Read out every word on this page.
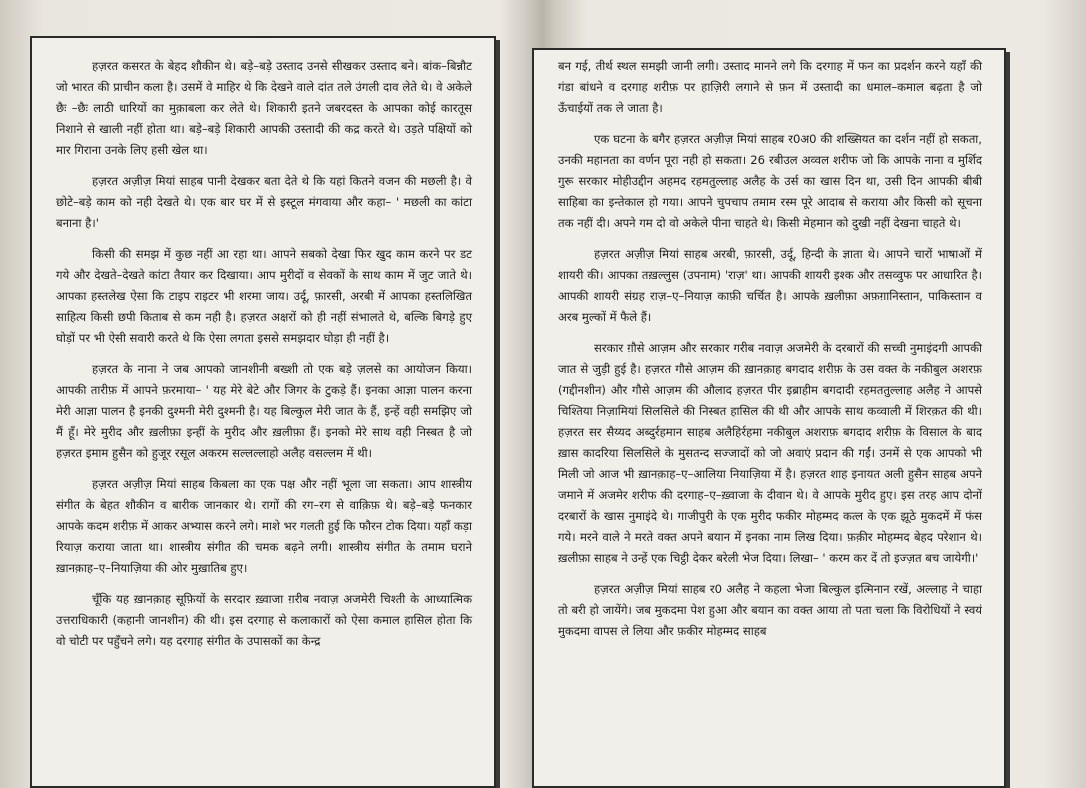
हज़रत कसरत के बेहद शौकीन थे। बड़े–बड़े उस्ताद उनसे सीखकर उस्ताद बने। बांक–बिन्नौट जो भारत की प्राचीन कला है। उसमें वे माहिर थे कि देखने वाले दांत तले उंगली दाव लेते थे। वे अकेले छैः –छैः लाठी धारियों का मुक़ाबला कर लेते थे। शिकारी इतने जबरदस्त के आपका कोई कारतूस निशाने से खाली नहीं होता था। बड़े–बड़े शिकारी आपकी उस्तादी की कद्र करते थे। उड़ते पक्षियों को मार गिराना उनके लिए हसी खेल था।

हज़रत अज़ीज़ मियां साहब पानी देखकर बता देते थे कि यहां कितने वजन की मछली है। वे छोटे–बड़े काम को नही देखते थे। एक बार घर में से इस्टूल मंगवाया और कहा– ' मछली का कांटा बनाना है।'

किसी की समझ में कुछ नहीं आ रहा था। आपने सबको देखा फिर खुद काम करने पर डट गये और देखते–देखते कांटा तैयार कर दिखाया। आप मुरीदों व सेवकों के साथ काम में जुट जाते थे। आपका हस्तलेख ऐसा कि टाइप राइटर भी शरमा जाय। उर्दू, फ़ारसी, अरबी में आपका हस्तलिखित साहित्य किसी छपी किताब से कम नही है। हज़रत अक्षरों को ही नहीं संभालते थे, बल्कि बिगड़े हुए घोड़ों पर भी ऐसी सवारी करते थे कि ऐसा लगता इससे समझदार घोड़ा ही नहीं है।

हज़रत के नाना ने जब आपको जानशीनी बख्शी तो एक बड़े ज़लसे का आयोजन किया। आपकी तारीफ़ में आपने फ़रमाया– ' यह मेरे बेटे और जिगर के टुकड़े हैं। इनका आज्ञा पालन करना मेरी आज्ञा पालन है इनकी दुश्मनी मेरी दुश्मनी है। यह बिल्कुल मेरी जात के हैं, इन्हें वही समझिए जो मैं हूँ। मेरे मुरीद और ख़लीफ़ा इन्हीं के मुरीद और ख़लीफ़ा हैं। इनको मेरे साथ वही निस्बत है जो हज़रत इमाम हुसैन को हुजूर रसूल अकरम सल्लल्लाहो अलैह वसल्लम में थी।

हज़रत अज़ीज़ मियां साहब किबला का एक पक्ष और नहीं भूला जा सकता। आप शास्त्रीय संगीत के बेहत शौकीन व बारीक जानकार थे। रागों की रग–रग से वाक़िफ़ थे। बड़े–बड़े फनकार आपके कदम शरीफ़ में आकर अभ्यास करने लगे। माशे भर गलती हुई कि फौरन टोक दिया। यहाँ कड़ा रियाज़ कराया जाता था। शास्त्रीय संगीत की चमक बढ़ने लगी। शास्त्रीय संगीत के तमाम घराने ख़ानक़ाह–ए–नियाज़िया की ओर मुख़ातिब हुए।

चूँकि यह ख़ानक़ाह सूफ़ियों के सरदार ख़्वाजा ग़रीब नवाज़ अजमेरी चिश्ती के आध्यात्मिक उत्तराधिकारी (कहानी जानशीन) की थी। इस दरगाह से कलाकारों को ऐसा कमाल हासिल होता कि वो चोटी पर पहुँचने लगे। यह दरगाह संगीत के उपासकों का केन्द्र

बन गई, तीर्थ स्थल समझी जानी लगी। उस्ताद मानने लगे कि दरगाह में फन का प्रदर्शन करने यहाँ की गंडा बांधने व दरगाह शरीफ़ पर हाज़िरी लगाने से फ़न में उस्तादी का धमाल–कमाल बढ़ता है जो ऊँचाईयों तक ले जाता है।

एक घटना के बगैर हज़रत अज़ीज़ मियां साहब र0अ0 की शख्सियत का दर्शन नहीं हो सकता, उनकी महानता का वर्णन पूरा नही हो सकता। 26 रबीउल अव्वल शरीफ जो कि आपके नाना व मुर्शिद गुरू सरकार मोहीउद्दीन अहमद रहमतुल्लाह अलैह के उर्स का खास दिन था, उसी दिन आपकी बीबी साहिबा का इन्तेकाल हो गया। आपने चुपचाप तमाम रस्म पूरे आदाब से कराया और किसी को सूचना तक नहीं दी। अपने गम दो वो अकेले पीना चाहते थे। किसी मेहमान को दुखी नहीं देखना चाहते थे।

हज़रत अज़ीज़ मियां साहब अरबी, फ़ारसी, उर्दू, हिन्दी के ज्ञाता थे। आपने चारों भाषाओं में शायरी की। आपका तख़ल्लुस (उपनाम) 'राज़' था। आपकी शायरी इश्क और तसव्वुफ पर आधारित है। आपकी शायरी संग्रह राज़–ए–नियाज़ काफ़ी चर्चित है। आपके ख़लीफ़ा अफ़ग़ानिस्तान, पाकिस्तान व अरब मुल्कों में फैले हैं।

सरकार ग़ौसे आज़म और सरकार गरीब नवाज़ अजमेरी के दरबारों की सच्ची नुमाइंदगी आपकी जात से जुड़ी हुई है। हज़रत गौसे आज़म की ख़ानक़ाह बगदाद शरीफ़ के उस वक्त के नकीबुल अशरफ़ (गद्दीनशीन) और गौसे आज़म की औलाद हज़रत पीर इब्राहीम बगदादी रहमततुल्लाह अलैह ने आपसे चिश्तिया निज़ामियां सिलसिले की निस्बत हासिल की थी और आपके साथ कव्वाली में शिरक़त की थी। हज़रत सर सैय्यद अब्दुर्रहमान साहब अलैहिर्रहमा नकीबुल अशराफ़ बगदाद शरीफ़ के विसाल के बाद ख़ास कादरिया सिलसिले के मुसतन्द सज्जादों को जो अवाएं प्रदान की गईं। उनमें से एक आपको भी मिली जो आज भी ख़ानक़ाह–ए–आलिया नियाज़िया में है। हज़रत शाह इनायत अली हुसैन साहब अपने जमाने में अजमेर शरीफ की दरगाह–ए–ख़्वाजा के दीवान थे। वे आपके मुरीद हुए। इस तरह आप दोनों दरबारों के खास नुमाइंदे थे। गाजीपुरी के एक मुरीद फकीर मोहम्मद कत्ल के एक झूठे मुकदमें में फंस गये। मरने वाले ने मरते वक्त अपने बयान में इनका नाम लिख दिया। फ़क़ीर मोहम्मद बेहद परेशान थे। ख़लीफ़ा साहब ने उन्हें एक चिट्ठी देकर बरेली भेज दिया। लिखा– ' करम कर दें तो इज्ज़त बच जायेगी।'

हज़रत अज़ीज़ मियां साहब र0 अलैह ने कहला भेजा बिल्कुल इत्मिनान रखें, अल्लाह ने चाहा तो बरी हो जायेंगे। जब मुकदमा पेश हुआ और बयान का वक्त आया तो पता चला कि विरोधियों ने स्वयं मुकदमा वापस ले लिया और फ़कीर मोहम्मद साहब
